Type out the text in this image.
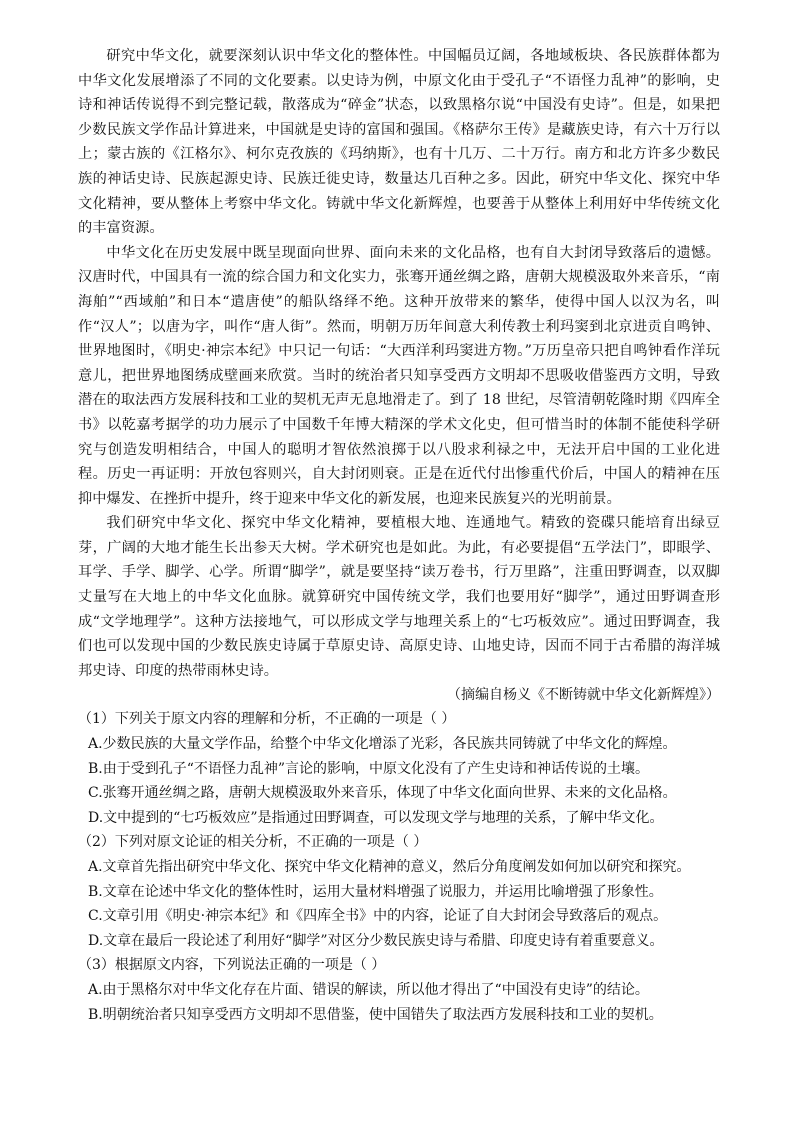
研究中华文化，就要深刻认识中华文化的整体性。中国幅员辽阔，各地域板块、各民族群体都为中华文化发展增添了不同的文化要素。以史诗为例，中原文化由于受孔子“不语怪力乱神”的影响，史诗和神话传说得不到完整记载，散落成为“碎金”状态，以致黑格尔说“中国没有史诗”。但是，如果把少数民族文学作品计算进来，中国就是史诗的富国和强国。《格萨尔王传》是藏族史诗，有六十万行以上；蒙古族的《江格尔》、柯尔克孜族的《玛纳斯》，也有十几万、二十万行。南方和北方许多少数民族的神话史诗、民族起源史诗、民族迁徙史诗，数量达几百种之多。因此，研究中华文化、探究中华文化精神，要从整体上考察中华文化。铸就中华文化新辉煌，也要善于从整体上利用好中华传统文化的丰富资源。

中华文化在历史发展中既呈现面向世界、面向未来的文化品格，也有自大封闭导致落后的遗憾。汉唐时代，中国具有一流的综合国力和文化实力，张骞开通丝绸之路，唐朝大规模汲取外来音乐，“南海舶”“西域舶”和日本“遣唐使”的船队络绎不绝。这种开放带来的繁华，使得中国人以汉为名，叫作“汉人”；以唐为字，叫作“唐人街”。然而，明朝万历年间意大利传教士利玛窦到北京进贡自鸣钟、世界地图时，《明史·神宗本纪》中只记一句话：“大西洋利玛窦进方物。”万历皇帝只把自鸣钟看作洋玩意儿，把世界地图绣成壁画来欣赏。当时的统治者只知享受西方文明却不思吸收借鉴西方文明，导致潜在的取法西方发展科技和工业的契机无声无息地滑走了。到了 18 世纪，尽管清朝乾隆时期《四库全书》以乾嘉考据学的功力展示了中国数千年博大精深的学术文化史，但可惜当时的体制不能使科学研究与创造发明相结合，中国人的聪明才智依然浪掷于以八股求利禄之中，无法开启中国的工业化进程。历史一再证明：开放包容则兴，自大封闭则衰。正是在近代付出惨重代价后，中国人的精神在压抑中爆发、在挫折中提升，终于迎来中华文化的新发展，也迎来民族复兴的光明前景。

我们研究中华文化、探究中华文化精神，要植根大地、连通地气。精致的瓷碟只能培育出绿豆芽，广阔的大地才能生长出参天大树。学术研究也是如此。为此，有必要提倡“五学法门”，即眼学、耳学、手学、脚学、心学。所谓“脚学”，就是要坚持“读万卷书，行万里路”，注重田野调查，以双脚丈量写在大地上的中华文化血脉。就算研究中国传统文学，我们也要用好“脚学”，通过田野调查形成“文学地理学”。这种方法接地气，可以形成文学与地理关系上的“七巧板效应”。通过田野调查，我们也可以发现中国的少数民族史诗属于草原史诗、高原史诗、山地史诗，因而不同于古希腊的海洋城邦史诗、印度的热带雨林史诗。

（摘编自杨义《不断铸就中华文化新辉煌》）

（1）下列关于原文内容的理解和分析，不正确的一项是（ ）

A.少数民族的大量文学作品，给整个中华文化增添了光彩，各民族共同铸就了中华文化的辉煌。

B.由于受到孔子“不语怪力乱神”言论的影响，中原文化没有了产生史诗和神话传说的土壤。

C.张骞开通丝绸之路，唐朝大规模汲取外来音乐，体现了中华文化面向世界、未来的文化品格。

D.文中提到的“七巧板效应”是指通过田野调查，可以发现文学与地理的关系，了解中华文化。

（2）下列对原文论证的相关分析，不正确的一项是（ ）

A.文章首先指出研究中华文化、探究中华文化精神的意义，然后分角度阐发如何加以研究和探究。

B.文章在论述中华文化的整体性时，运用大量材料增强了说服力，并运用比喻增强了形象性。

C.文章引用《明史·神宗本纪》和《四库全书》中的内容，论证了自大封闭会导致落后的观点。

D.文章在最后一段论述了利用好“脚学”对区分少数民族史诗与希腊、印度史诗有着重要意义。

（3）根据原文内容，下列说法正确的一项是（ ）

A.由于黑格尔对中华文化存在片面、错误的解读，所以他才得出了“中国没有史诗”的结论。

B.明朝统治者只知享受西方文明却不思借鉴，使中国错失了取法西方发展科技和工业的契机。
